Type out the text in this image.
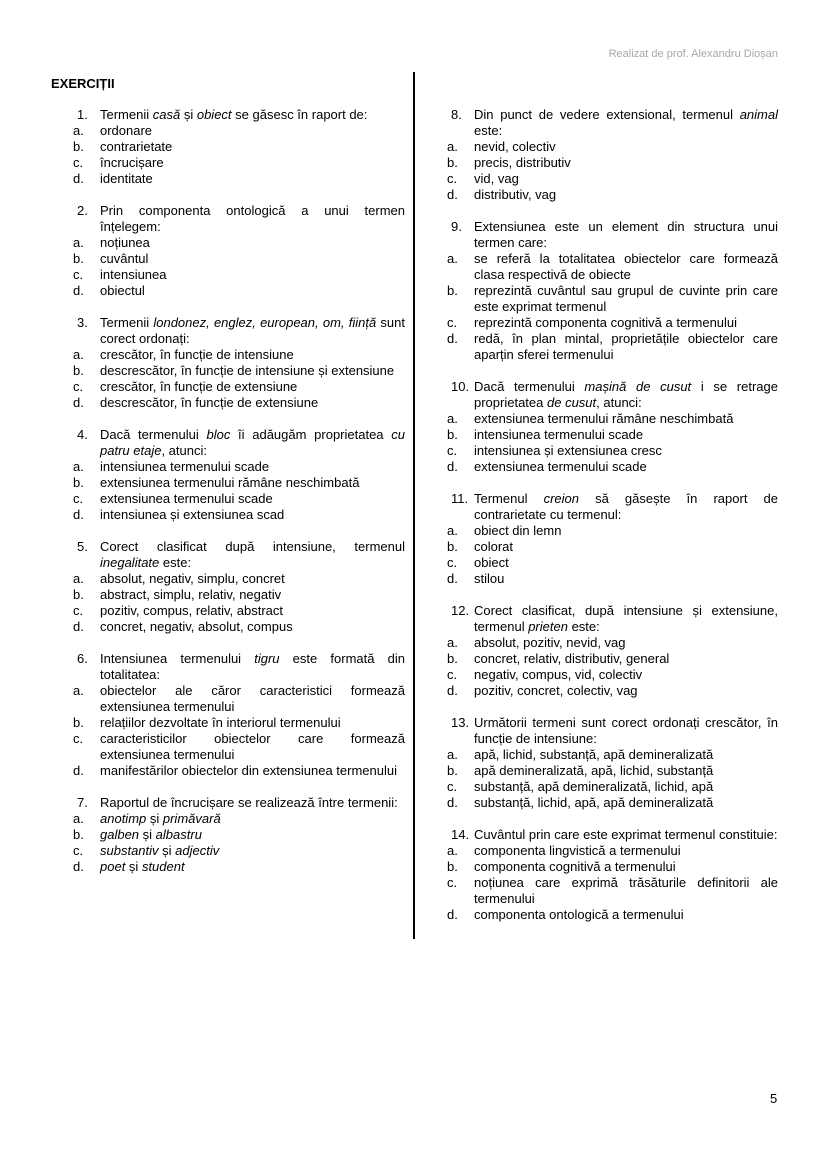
Realizat de prof. Alexandru Dioșan
EXERCIȚII
1. Termenii casă și obiect se găsesc în raport de:
a. ordonare
b. contrarietate
c. încrucișare
d. identitate
2. Prin componenta ontologică a unui termen înțelegem:
a. noțiunea
b. cuvântul
c. intensiunea
d. obiectul
3. Termenii londonez, englez, european, om, ființă sunt corect ordonați:
a. crescător, în funcție de intensiune
b. descrescător, în funcție de intensiune și extensiune
c. crescător, în funcție de extensiune
d. descrescător, în funcție de extensiune
4. Dacă termenului bloc îi adăugăm proprietatea cu patru etaje, atunci:
a. intensiunea termenului scade
b. extensiunea termenului rămâne neschimbată
c. extensiunea termenului scade
d. intensiunea și extensiunea scad
5. Corect clasificat după intensiune, termenul inegalitate este:
a. absolut, negativ, simplu, concret
b. abstract, simplu, relativ, negativ
c. pozitiv, compus, relativ, abstract
d. concret, negativ, absolut, compus
6. Intensiunea termenului tigru este formată din totalitatea:
a. obiectelor ale căror caracteristici formează extensiunea termenului
b. relațiilor dezvoltate în interiorul termenului
c. caracteristicilor obiectelor care formează extensiunea termenului
d. manifestărilor obiectelor din extensiunea termenului
7. Raportul de încrucișare se realizează între termenii:
a. anotimp și primăvară
b. galben și albastru
c. substantiv și adjectiv
d. poet și student
8. Din punct de vedere extensional, termenul animal este:
a. nevid, colectiv
b. precis, distributiv
c. vid, vag
d. distributiv, vag
9. Extensiunea este un element din structura unui termen care:
a. se referă la totalitatea obiectelor care formează clasa respectivă de obiecte
b. reprezintă cuvântul sau grupul de cuvinte prin care este exprimat termenul
c. reprezintă componenta cognitivă a termenului
d. redă, în plan mintal, proprietățile obiectelor care aparțin sferei termenului
10. Dacă termenului mașină de cusut i se retrage proprietatea de cusut, atunci:
a. extensiunea termenului rămâne neschimbată
b. intensiunea termenului scade
c. intensiunea și extensiunea cresc
d. extensiunea termenului scade
11. Termenul creion să găsește în raport de contrarietate cu termenul:
a. obiect din lemn
b. colorat
c. obiect
d. stilou
12. Corect clasificat, după intensiune și extensiune, termenul prieten este:
a. absolut, pozitiv, nevid, vag
b. concret, relativ, distributiv, general
c. negativ, compus, vid, colectiv
d. pozitiv, concret, colectiv, vag
13. Următorii termeni sunt corect ordonați crescător, în funcție de intensiune:
a. apă, lichid, substanță, apă demineralizată
b. apă demineralizată, apă, lichid, substanță
c. substanță, apă demineralizată, lichid, apă
d. substanță, lichid, apă, apă demineralizată
14. Cuvântul prin care este exprimat termenul constituie:
a. componenta lingvistică a termenului
b. componenta cognitivă a termenului
c. noțiunea care exprimă trăsăturile definitorii ale termenului
d. componenta ontologică a termenului
5
